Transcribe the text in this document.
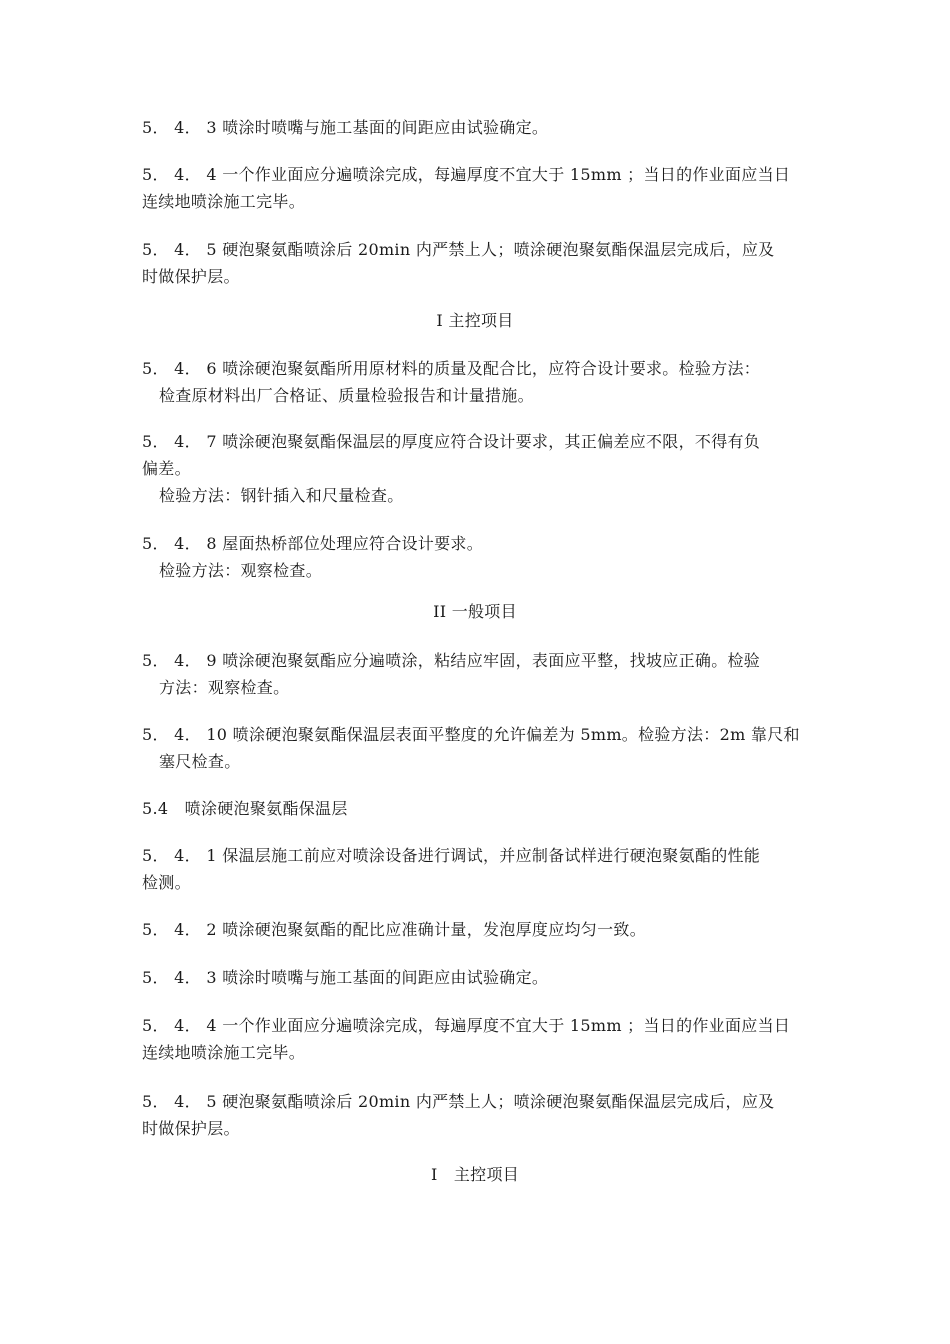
5． 4． 3 喷涂时喷嘴与施工基面的间距应由试验确定。
5． 4． 4 一个作业面应分遍喷涂完成，每遍厚度不宜大于 15mm ；当日的作业面应当日
连续地喷涂施工完毕。
5． 4． 5 硬泡聚氨酯喷涂后 20min 内严禁上人；喷涂硬泡聚氨酯保温层完成后，应及
时做保护层。
I 主控项目
5． 4． 6 喷涂硬泡聚氨酯所用原材料的质量及配合比，应符合设计要求。检验方法：
检查原材料出厂合格证、质量检验报告和计量措施。
5． 4． 7 喷涂硬泡聚氨酯保温层的厚度应符合设计要求，其正偏差应不限，不得有负
偏差。
检验方法：钢针插入和尺量检查。
5． 4． 8 屋面热桥部位处理应符合设计要求。
检验方法：观察检查。
II 一般项目
5． 4． 9 喷涂硬泡聚氨酯应分遍喷涂，粘结应牢固，表面应平整，找坡应正确。检验
方法：观察检查。
5． 4． 10 喷涂硬泡聚氨酯保温层表面平整度的允许偏差为 5mm。检验方法：2m 靠尺和
塞尺检查。
5.4　喷涂硬泡聚氨酯保温层
5． 4． 1 保温层施工前应对喷涂设备进行调试，并应制备试样进行硬泡聚氨酯的性能
检测。
5． 4． 2 喷涂硬泡聚氨酯的配比应准确计量，发泡厚度应均匀一致。
5． 4． 3 喷涂时喷嘴与施工基面的间距应由试验确定。
5． 4． 4 一个作业面应分遍喷涂完成，每遍厚度不宜大于 15mm ；当日的作业面应当日
连续地喷涂施工完毕。
5． 4． 5 硬泡聚氨酯喷涂后 20min 内严禁上人；喷涂硬泡聚氨酯保温层完成后，应及
时做保护层。
I　主控项目
